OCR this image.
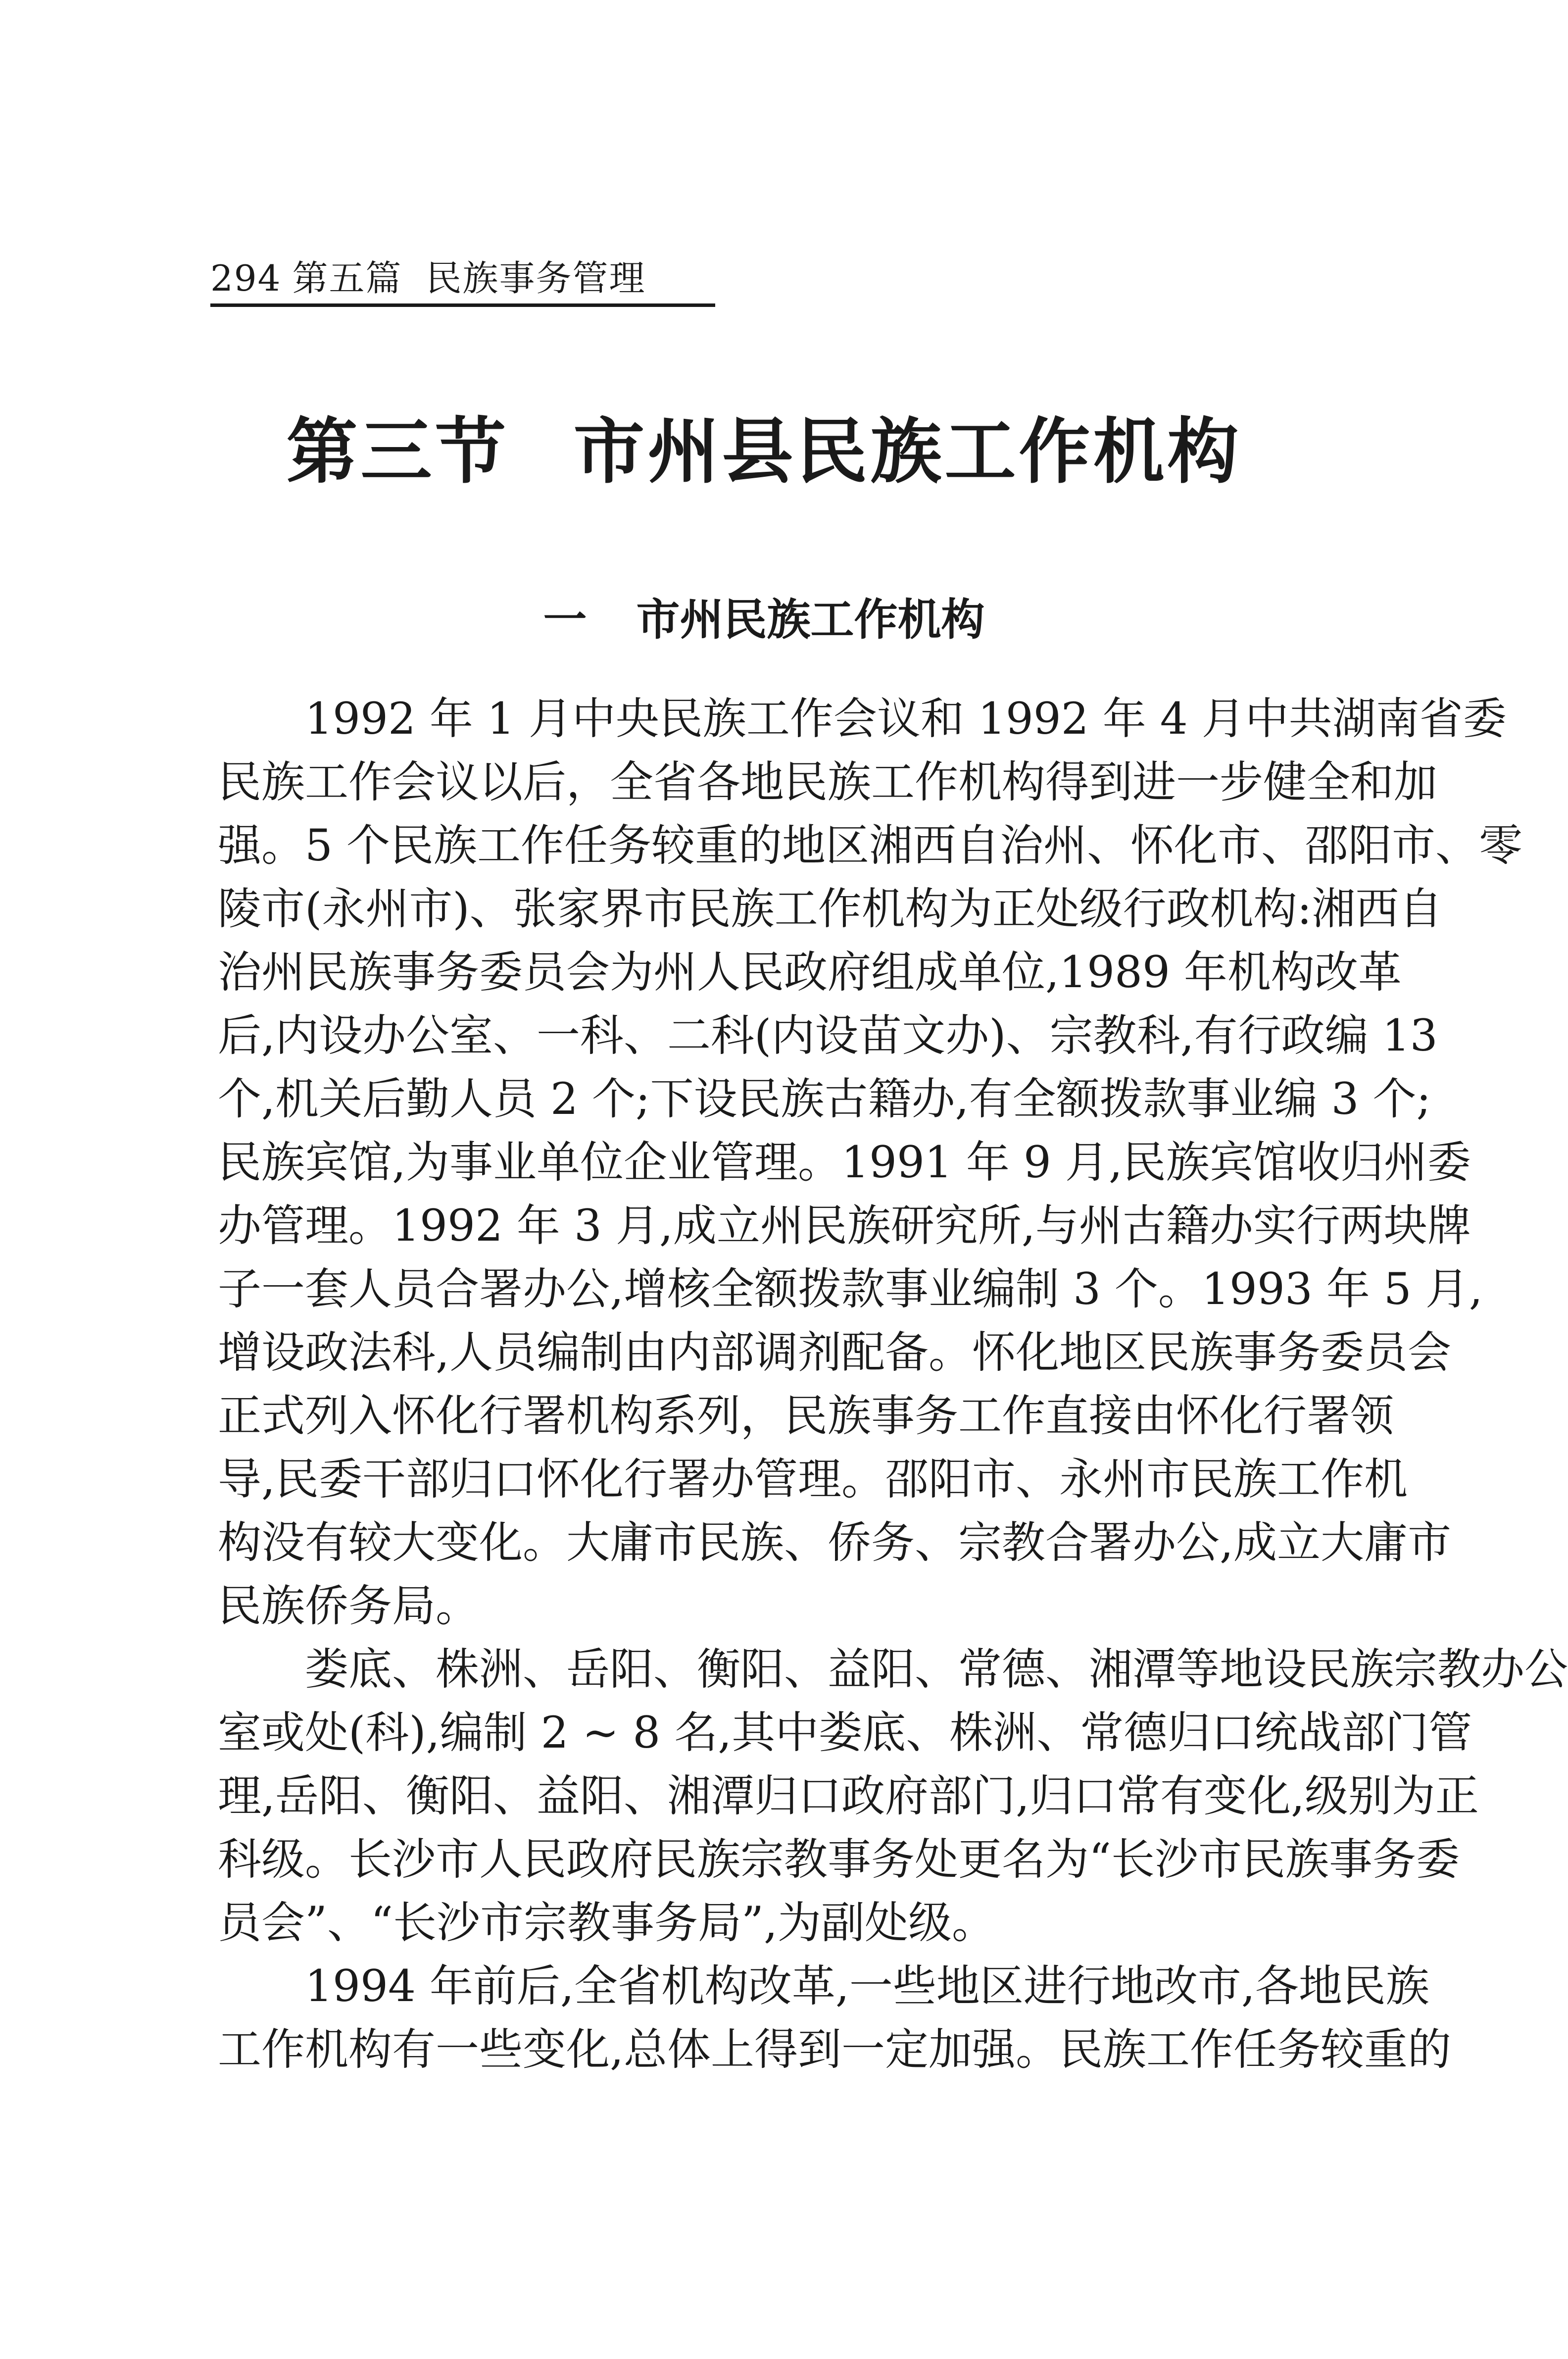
294 第五篇 民族事务管理
第三节 市州县民族工作机构
一 市州民族工作机构
1992 年 1 月中央民族工作会议和 1992 年 4 月中共湖南省委
民族工作会议以后，全省各地民族工作机构得到进一步健全和加
强。5 个民族工作任务较重的地区湘西自治州、怀化市、邵阳市、零
陵市(永州市)、张家界市民族工作机构为正处级行政机构:湘西自
治州民族事务委员会为州人民政府组成单位,1989 年机构改革
后,内设办公室、一科、二科(内设苗文办)、宗教科,有行政编 13
个,机关后勤人员 2 个;下设民族古籍办,有全额拨款事业编 3 个;
民族宾馆,为事业单位企业管理。1991 年 9 月,民族宾馆收归州委
办管理。1992 年 3 月,成立州民族研究所,与州古籍办实行两块牌
子一套人员合署办公,增核全额拨款事业编制 3 个。1993 年 5 月,
增设政法科,人员编制由内部调剂配备。怀化地区民族事务委员会
正式列入怀化行署机构系列，民族事务工作直接由怀化行署领
导,民委干部归口怀化行署办管理。邵阳市、永州市民族工作机
构没有较大变化。大庸市民族、侨务、宗教合署办公,成立大庸市
民族侨务局。
娄底、株洲、岳阳、衡阳、益阳、常德、湘潭等地设民族宗教办公
室或处(科),编制 2 ~ 8 名,其中娄底、株洲、常德归口统战部门管
理,岳阳、衡阳、益阳、湘潭归口政府部门,归口常有变化,级别为正
科级。长沙市人民政府民族宗教事务处更名为“长沙市民族事务委
员会”、“长沙市宗教事务局”,为副处级。
1994 年前后,全省机构改革,一些地区进行地改市,各地民族
工作机构有一些变化,总体上得到一定加强。民族工作任务较重的
